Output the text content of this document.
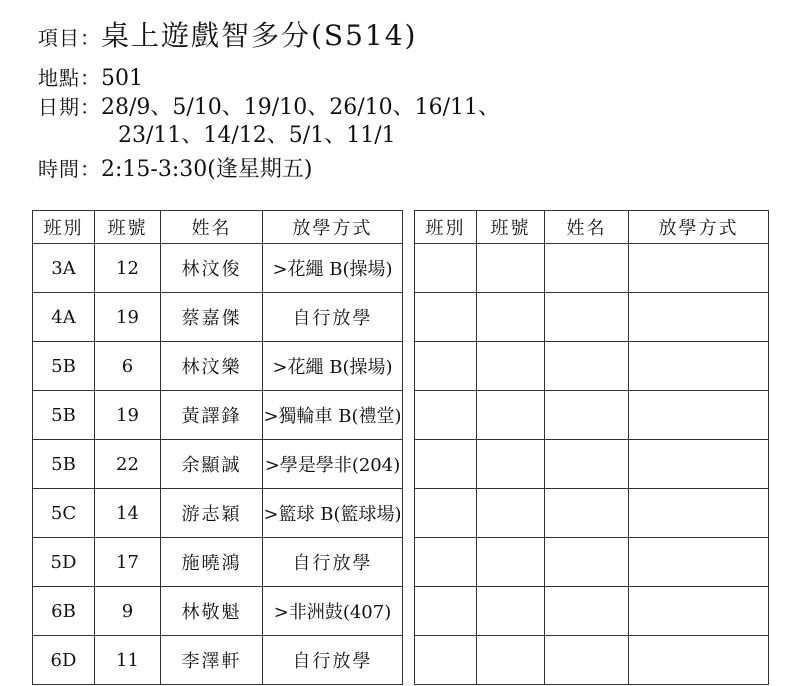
項目：桌上遊戲智多分(S514)
地點：501
日期：28/9、5/10、19/10、26/10、16/11、
23/11、14/12、5/1、11/1
時間：2:15-3:30(逢星期五)
班別	班號	姓名	放學方式
3A	12	林汶俊	>花繩 B(操場)
4A	19	蔡嘉傑	自行放學
5B	6	林汶樂	>花繩 B(操場)
5B	19	黃譯鋒	>獨輪車 B(禮堂)
5B	22	余顯誠	>學是學非(204)
5C	14	游志穎	>籃球 B(籃球場)
5D	17	施曉鴻	自行放學
6B	9	林敬魁	>非洲鼓(407)
6D	11	李澤軒	自行放學
班別	班號	姓名	放學方式
